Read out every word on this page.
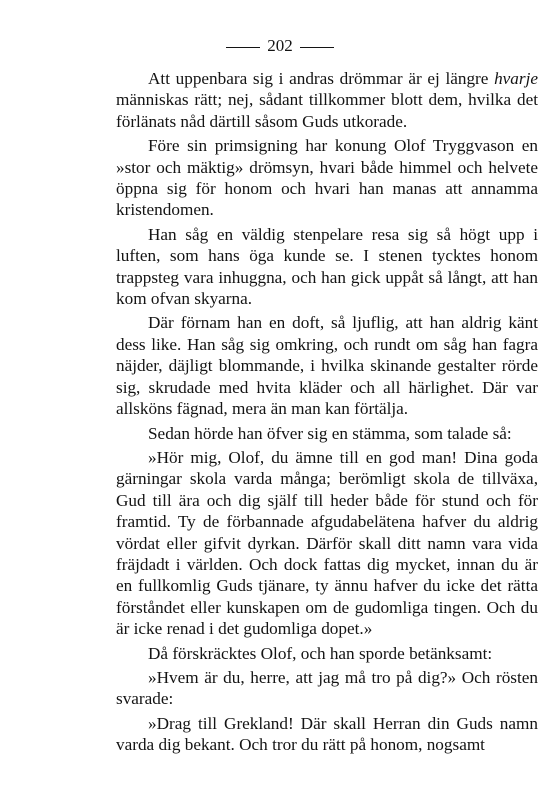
202

Att uppenbara sig i andras drömmar är ej längre hvarje människas rätt; nej, sådant tillkommer blott dem, hvilka det förlänats nåd därtill såsom Guds utkorade.

Före sin primsigning har konung Olof Tryggvason en »stor och mäktig» drömsyn, hvari både himmel och helvete öppna sig för honom och hvari han manas att annamma kristendomen.

Han såg en väldig stenpelare resa sig så högt upp i luften, som hans öga kunde se. I stenen tycktes honom trappsteg vara inhuggna, och han gick uppåt så långt, att han kom ofvan skyarna.

Där förnam han en doft, så ljuflig, att han aldrig känt dess like. Han såg sig omkring, och rundt om såg han fagra näjder, däjligt blommande, i hvilka skinande gestalter rörde sig, skrudade med hvita kläder och all härlighet. Där var allsköns fägnad, mera än man kan förtälja.

Sedan hörde han öfver sig en stämma, som talade så:

»Hör mig, Olof, du ämne till en god man! Dina goda gärningar skola varda många; berömligt skola de tillväxa, Gud till ära och dig själf till heder både för stund och för framtid. Ty de förbannade afgudabelätena hafver du aldrig vördat eller gifvit dyrkan. Därför skall ditt namn vara vida fräjdadt i världen. Och dock fattas dig mycket, innan du är en fullkomlig Guds tjänare, ty ännu hafver du icke det rätta förståndet eller kunskapen om de gudomliga tingen. Och du är icke renad i det gudomliga dopet.»

Då förskräcktes Olof, och han sporde betänksamt:

»Hvem är du, herre, att jag må tro på dig?» Och rösten svarade:

»Drag till Grekland! Där skall Herran din Guds namn varda dig bekant. Och tror du rätt på honom, nogsamt
